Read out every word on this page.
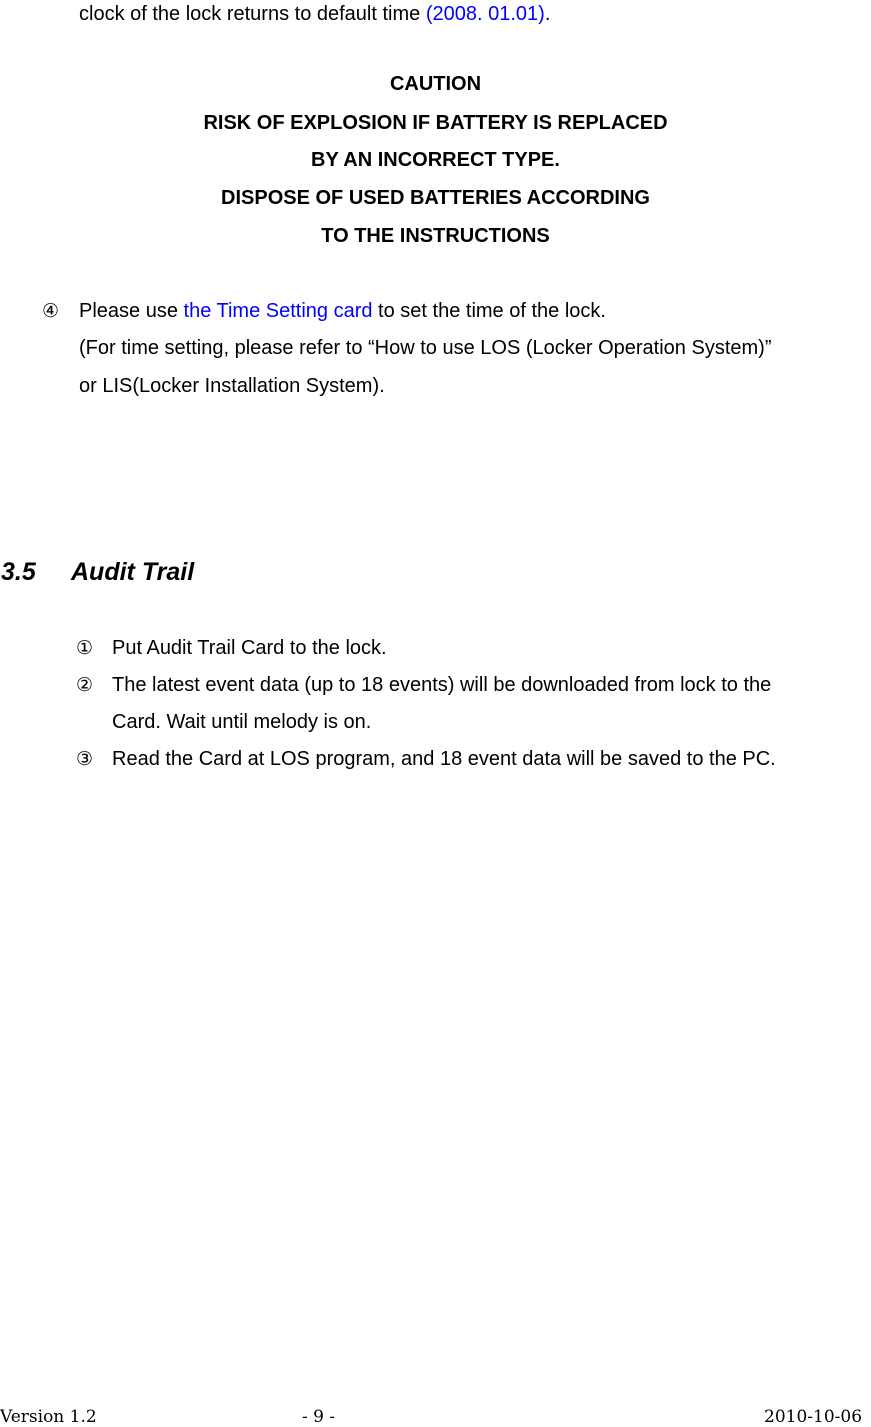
clock of the lock returns to default time (2008. 01.01).
CAUTION
RISK OF EXPLOSION IF BATTERY IS REPLACED
BY AN INCORRECT TYPE.
DISPOSE OF USED BATTERIES ACCORDING
TO THE INSTRUCTIONS
④ Please use the Time Setting card to set the time of the lock.
(For time setting, please refer to “How to use LOS (Locker Operation System)”
or LIS(Locker Installation System).
3.5 Audit Trail
① Put Audit Trail Card to the lock.
② The latest event data (up to 18 events) will be downloaded from lock to the
Card. Wait until melody is on.
③ Read the Card at LOS program, and 18 event data will be saved to the PC.
Version 1.2	- 9 -	2010-10-06
